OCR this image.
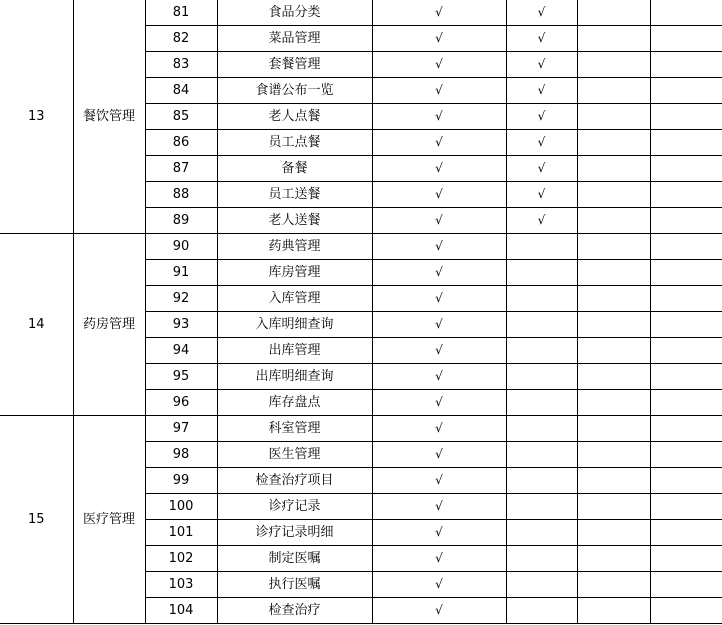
13	餐饮管理	81	食品分类	√	√		
		82	菜品管理	√	√		
		83	套餐管理	√	√		
		84	食谱公布一览	√	√		
		85	老人点餐	√	√		
		86	员工点餐	√	√		
		87	备餐	√	√		
		88	员工送餐	√	√		
		89	老人送餐	√	√		
14	药房管理	90	药典管理	√			
		91	库房管理	√			
		92	入库管理	√			
		93	入库明细查询	√			
		94	出库管理	√			
		95	出库明细查询	√			
		96	库存盘点	√			
15	医疗管理	97	科室管理	√			
		98	医生管理	√			
		99	检查治疗项目	√			
		100	诊疗记录	√			
		101	诊疗记录明细	√			
		102	制定医嘱	√			
		103	执行医嘱	√			
		104	检查治疗	√			
